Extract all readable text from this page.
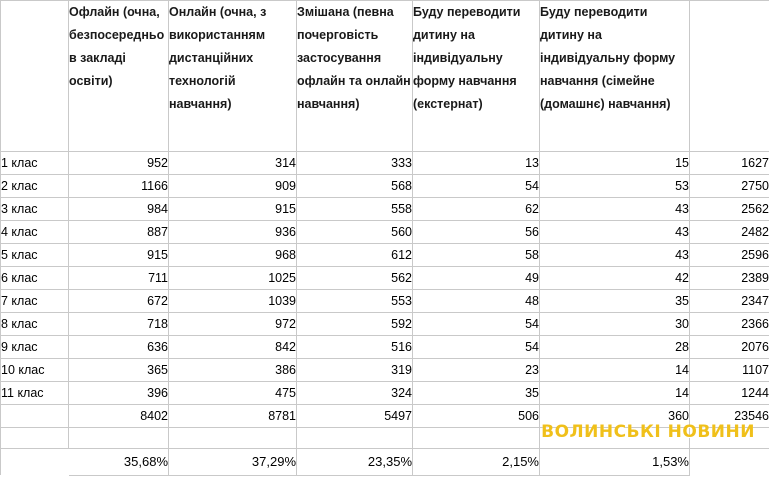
	Офлайн (очна, безпосередньо в закладі освіти)	Онлайн (очна, з використанням дистанційних технологій навчання)	Змішана (певна почерговість застосування офлайн та онлайн навчання)	Буду переводити дитину на індивідуальну форму навчання (екстернат)	Буду переводити дитину на індивідуальну форму навчання (сімейне (домашнє) навчання)	
1 клас	952	314	333	13	15	1627
2 клас	1166	909	568	54	53	2750
3 клас	984	915	558	62	43	2562
4 клас	887	936	560	56	43	2482
5 клас	915	968	612	58	43	2596
6 клас	711	1025	562	49	42	2389
7 клас	672	1039	553	48	35	2347
8 клас	718	972	592	54	30	2366
9 клас	636	842	516	54	28	2076
10 клас	365	386	319	23	14	1107
11 клас	396	475	324	35	14	1244
	8402	8781	5497	506	360	23546

	35,68%	37,29%	23,35%	2,15%	1,53%	
ВОЛИНСЬКІ НОВИНИ
